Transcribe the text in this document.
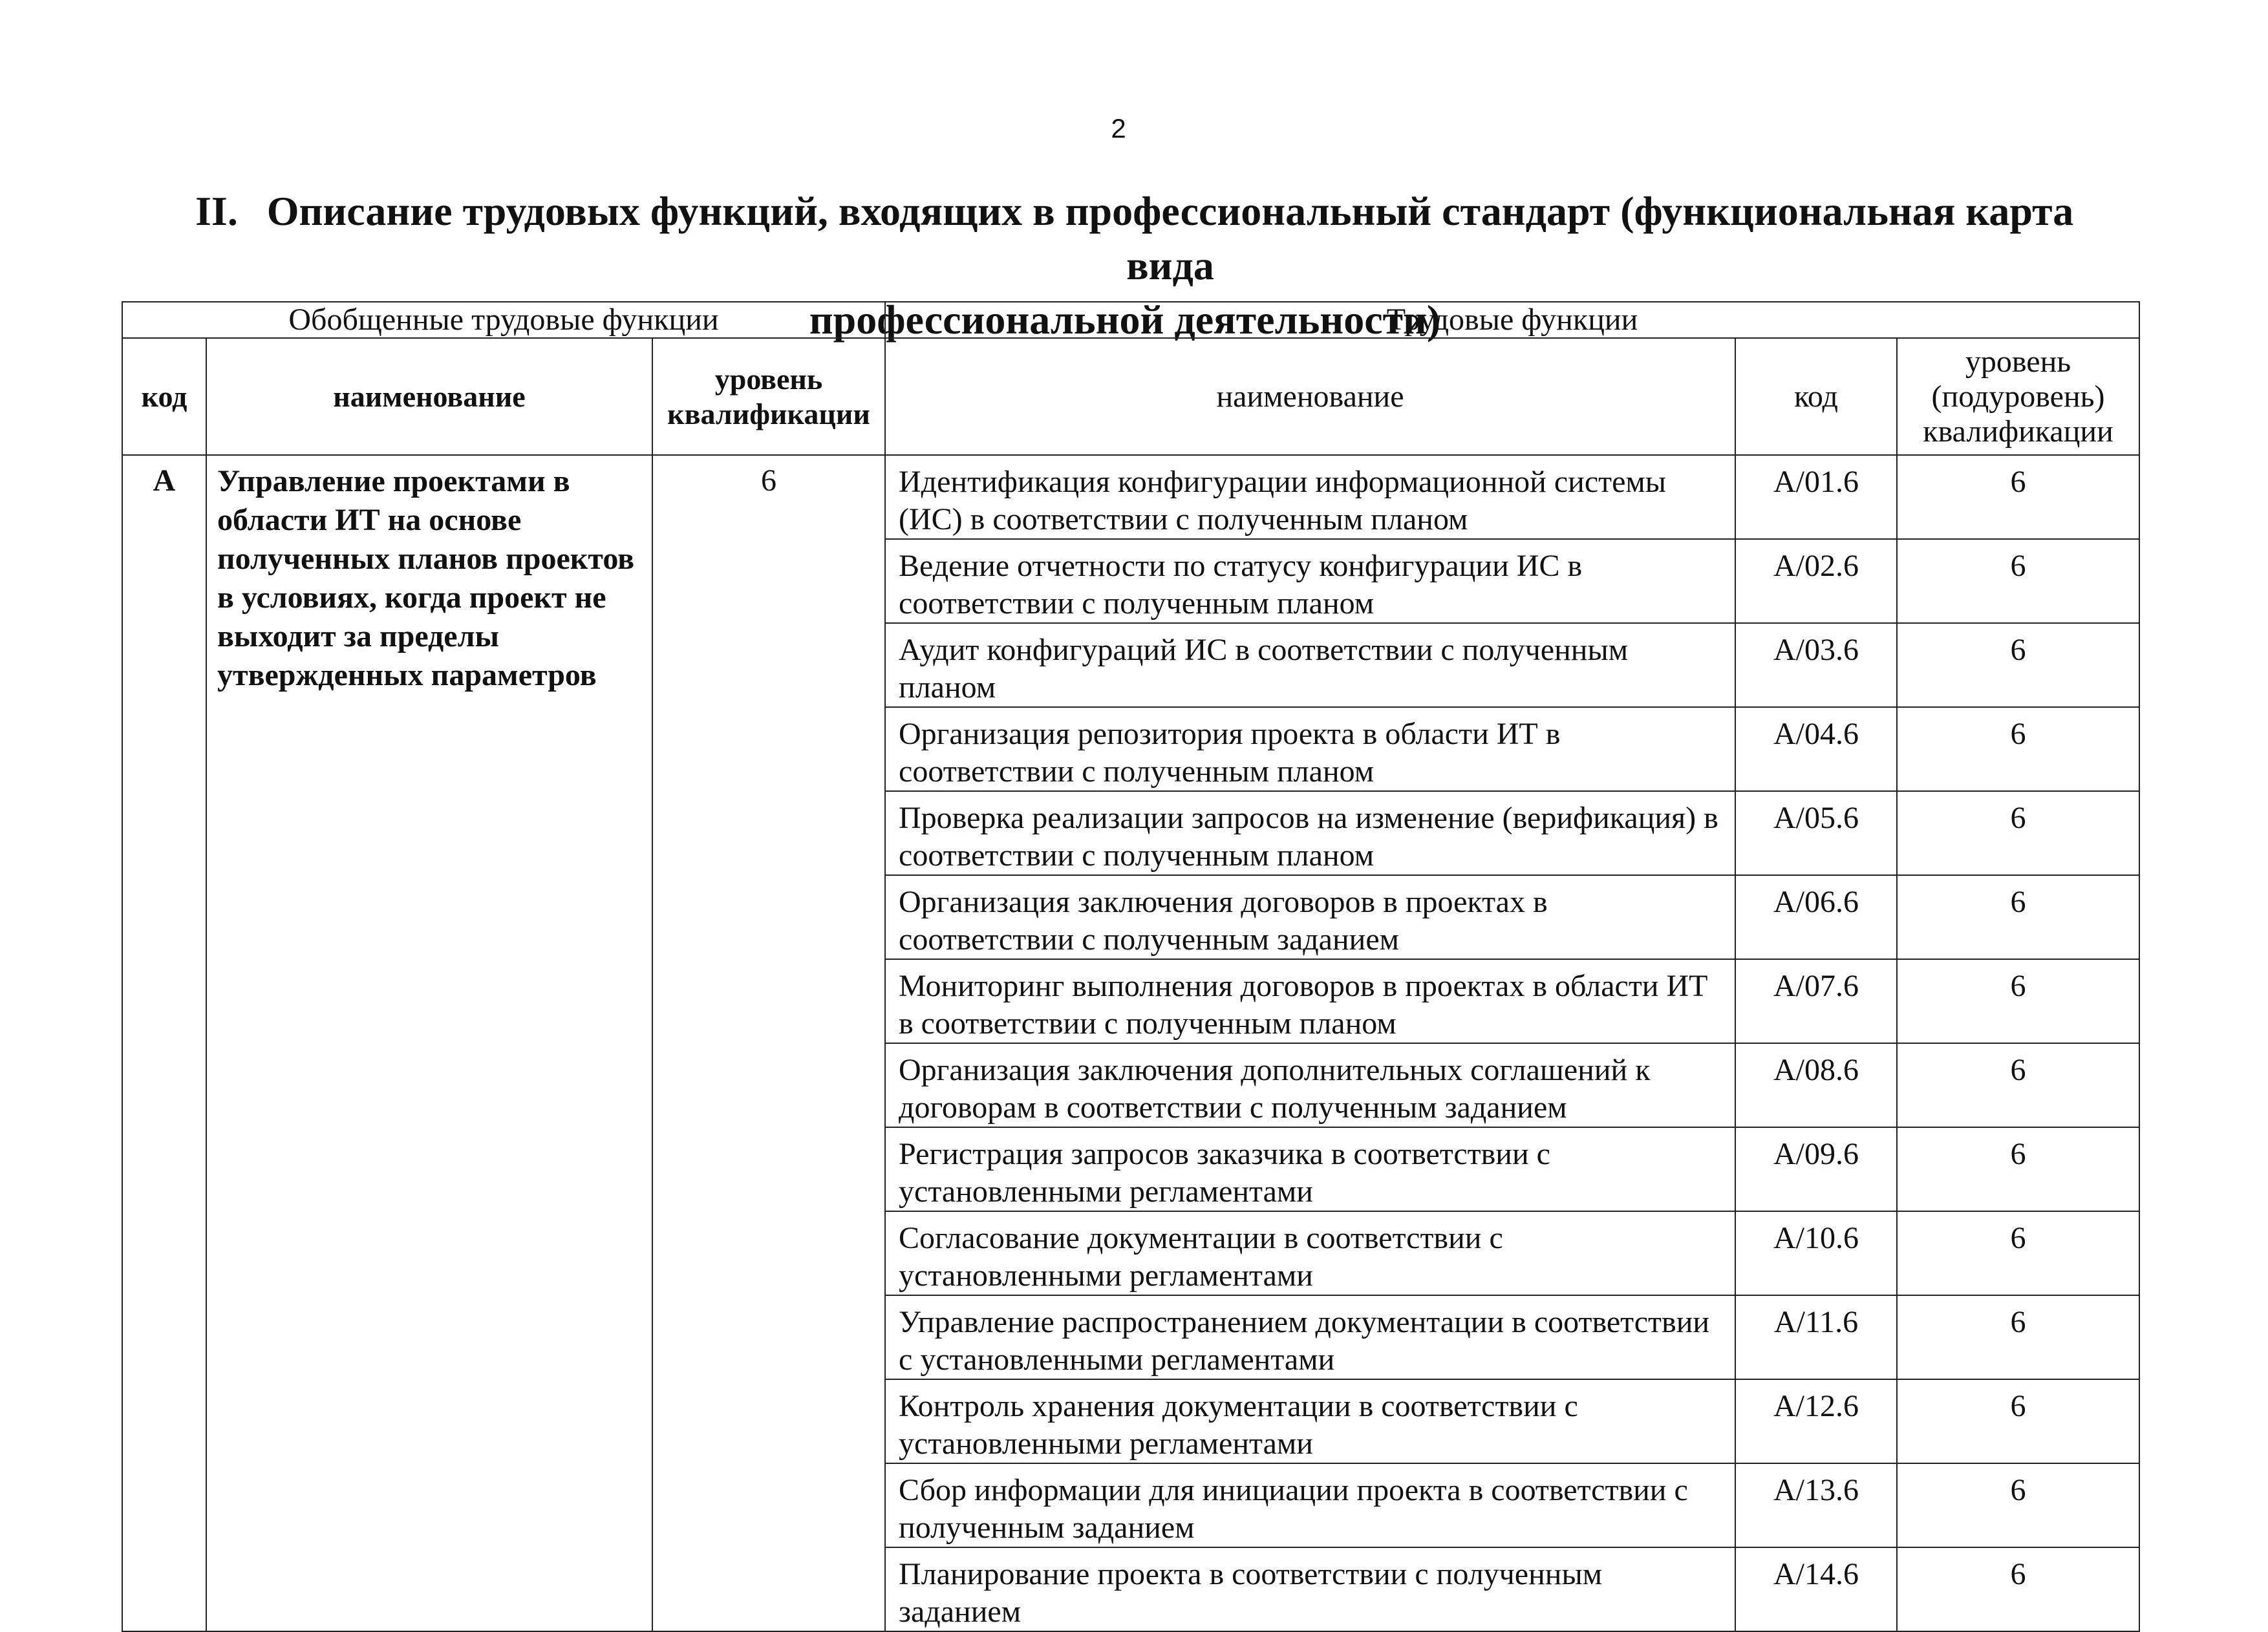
2
II. Описание трудовых функций, входящих в профессиональный стандарт (функциональная карта вида
профессиональной деятельности)
Обобщенные трудовые функции			Трудовые функции		
код	наименование	уровень квалификации	наименование	код	уровень (подуровень) квалификации
А	Управление проектами в области ИТ на основе полученных планов проектов в условиях, когда проект не выходит за пределы утвержденных параметров	6	Идентификация конфигурации информационной системы (ИС) в соответствии с полученным планом	A/01.6	6
			Ведение отчетности по статусу конфигурации ИС в соответствии с полученным планом	A/02.6	6
			Аудит конфигураций ИС в соответствии с полученным планом	A/03.6	6
			Организация репозитория проекта в области ИТ в соответствии с полученным планом	A/04.6	6
			Проверка реализации запросов на изменение (верификация) в соответствии с полученным планом	A/05.6	6
			Организация заключения договоров в проектах в соответствии с полученным заданием	A/06.6	6
			Мониторинг выполнения договоров в проектах в области ИТ в соответствии с полученным планом	A/07.6	6
			Организация заключения дополнительных соглашений к договорам в соответствии с полученным заданием	A/08.6	6
			Регистрация запросов заказчика в соответствии с установленными регламентами	A/09.6	6
			Согласование документации в соответствии с установленными регламентами	A/10.6	6
			Управление распространением документации в соответствии с установленными регламентами	A/11.6	6
			Контроль хранения документации в соответствии с установленными регламентами	A/12.6	6
			Сбор информации для инициации проекта в соответствии с полученным заданием	A/13.6	6
			Планирование проекта в соответствии с полученным заданием	A/14.6	6
